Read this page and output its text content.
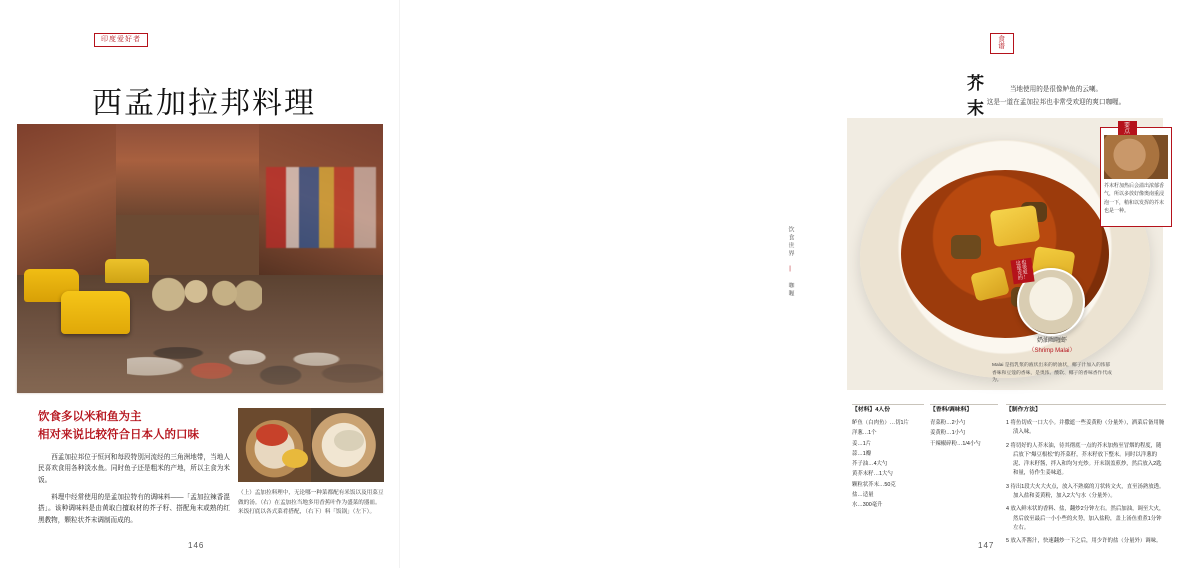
印度爱好者
西孟加拉邦料理
饮食多以米和鱼为主
相对来说比较符合日本人的口味

西孟加拉邦位于恒河和每段特别河流经的三角洲地带，当地人民喜欢食用各种淡水鱼。同时鱼子还是粗米的产地，所以主食为米饭。

料理中经常使用的是孟加拉特有的调味料——「孟加拉辣香混搭」。该种调味料是由黄取白擅取材的芥子籽、搭配角末或熟的红黑教物，颗粒状芥末调制而成的。

（上）孟加拉料理中，无论哪一种菜都配有米饭以及用菜豆做的汤。（右）在孟加拉当地多用香蕉叶作为盛菜的器皿。米饭打底以各式菜肴搭配，（右下）料「饭锅」（左下）。
146
食谱
芥末
当地使用的是很像鲈鱼的云喇。
这是一道在孟加拉邦也非常受欢迎的爽口咖喱。
要点
芥末籽加热后会溢出浓郁香气，所以多放好像奥南重浸泡一下，稍和以发挥的芥末也是一种。
这也是很克爱的！
奶油咖喱虾
（Shrimp Malai）
Malai 是指乳浆的液状出来的奶油状，椰子汁加入的浓郁香味和豆蔻的香味，是奥浓、酸软、椰子的香味香作代成为。
【材料】4人份
鲈鱼（白肉鱼）…切1片
洋葱…1个
姜…1片
蒜…1瓣
芥子油…4大勺
黄芥末籽…1大勺
颗粒状芥末…50克
盐…适量
水…300毫升
【香料/调味料】
青菜粉…2小勺
姜黄粉…1小勺
干辣椒碎粉…1/4小勺
【制作方法】
1 将鱼切成一口大小。并撒遮一些姜黄粉（分量外），洒菜后备用腌渍入味。
2 将切好的人芥末油，待其彻底一点的芥末加热至冒烟的程度，随后放下"爆豆根松"的芥菜籽，芥末籽放下整末。同时以洋葱的泥、洋末籽酱，拌入和均匀充炒。开末锅盖煎炒，然后放入2匙和量，待作生姜味道。
3 待出1段大火大火点，放入不熟腐的刀状转文火，直至汤熟放透。加入盐和姜黄粉，加入2大勺水（分量外）。
4 放入鲜末状的香料、盐，翻炒2分钟左右。然后加油，调至大火，然后放至最后一小小些的火势，加入盐粉，盖上汤鱼重煮1分钟左右。
5 放入芥酱汁，快速翻炒一下之后，用少许的盐（分量外）调味。
饮食世界 | 咖喱
147
